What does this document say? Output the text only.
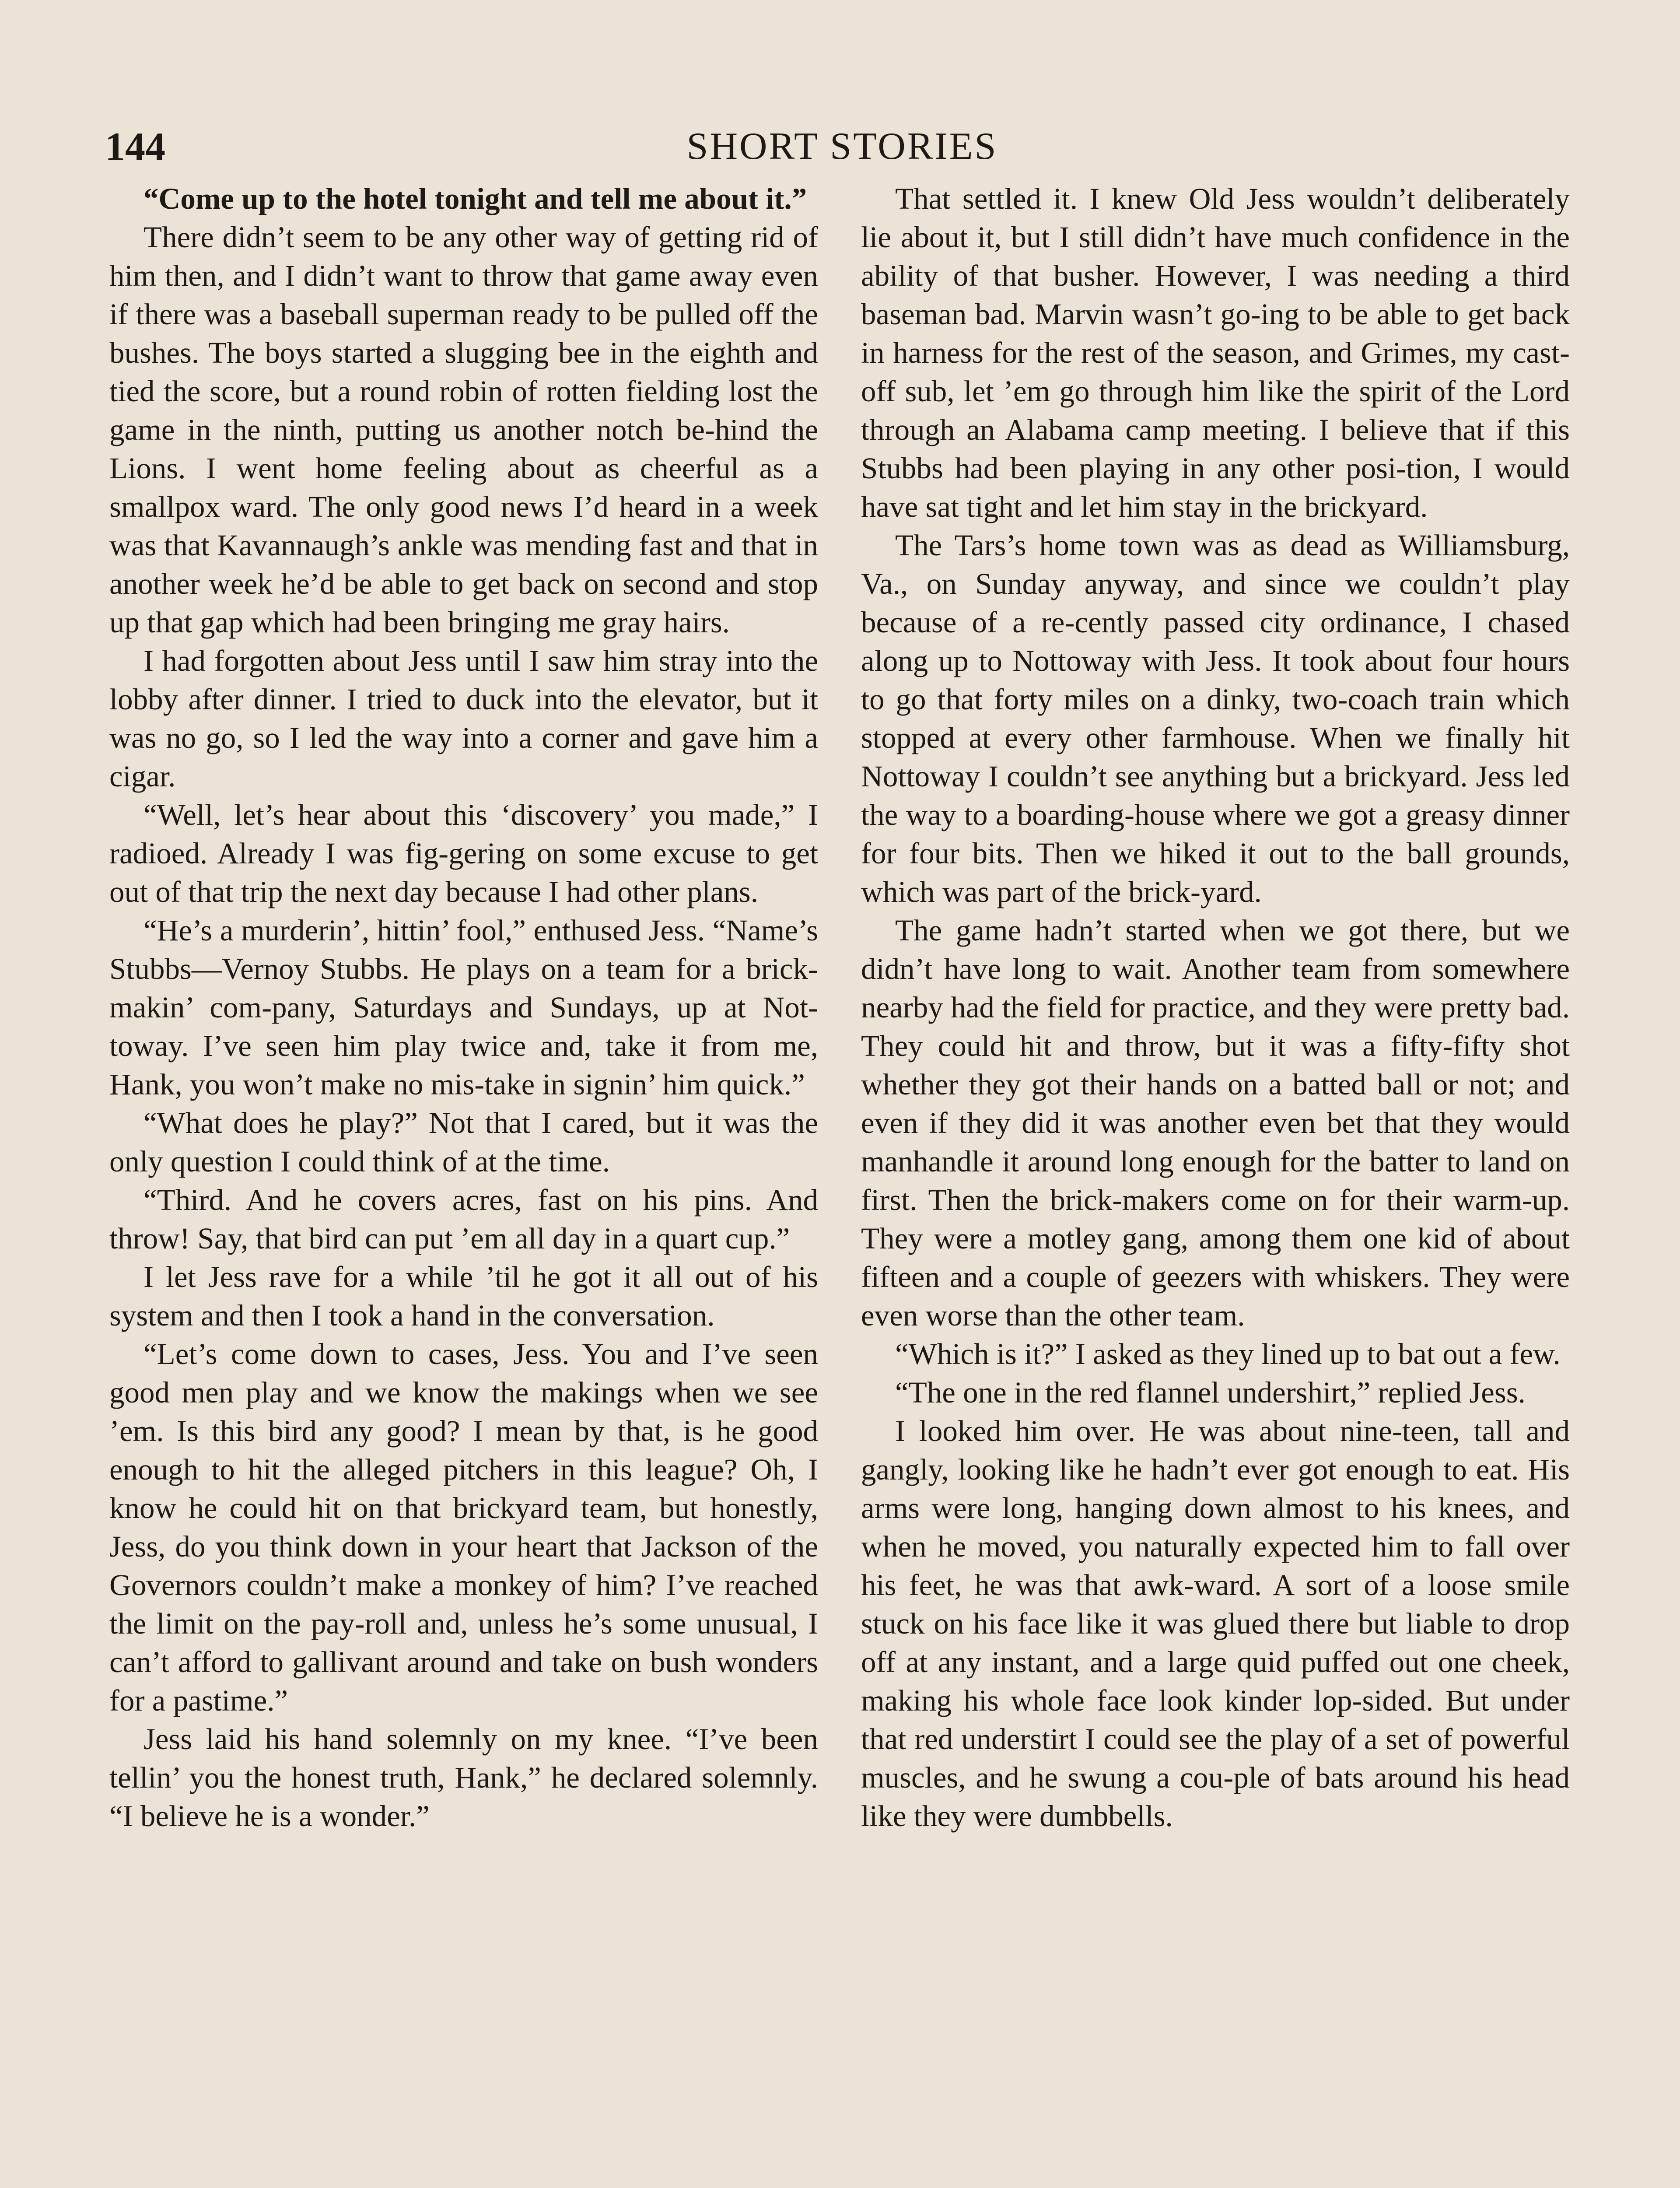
144	SHORT STORIES

“Come up to the hotel tonight and tell me about it.”

There didn’t seem to be any other way of getting rid of him then, and I didn’t want to throw that game away even if there was a baseball superman ready to be pulled off the bushes. The boys started a slugging bee in the eighth and tied the score, but a round robin of rotten fielding lost the game in the ninth, putting us another notch be-hind the Lions. I went home feeling about as cheerful as a smallpox ward. The only good news I’d heard in a week was that Kavannaugh’s ankle was mending fast and that in another week he’d be able to get back on second and stop up that gap which had been bringing me gray hairs.

I had forgotten about Jess until I saw him stray into the lobby after dinner. I tried to duck into the elevator, but it was no go, so I led the way into a corner and gave him a cigar.

“Well, let’s hear about this ‘discovery’ you made,” I radioed. Already I was fig-gering on some excuse to get out of that trip the next day because I had other plans.

“He’s a murderin’, hittin’ fool,” enthused Jess. “Name’s Stubbs—Vernoy Stubbs. He plays on a team for a brick-makin’ com-pany, Saturdays and Sundays, up at Not-toway. I’ve seen him play twice and, take it from me, Hank, you won’t make no mis-take in signin’ him quick.”

“What does he play?” Not that I cared, but it was the only question I could think of at the time.

“Third. And he covers acres, fast on his pins. And throw! Say, that bird can put ’em all day in a quart cup.”

I let Jess rave for a while ’til he got it all out of his system and then I took a hand in the conversation.

“Let’s come down to cases, Jess. You and I’ve seen good men play and we know the makings when we see ’em. Is this bird any good? I mean by that, is he good enough to hit the alleged pitchers in this league? Oh, I know he could hit on that brickyard team, but honestly, Jess, do you think down in your heart that Jackson of the Governors couldn’t make a monkey of him? I’ve reached the limit on the pay-roll and, unless he’s some unusual, I can’t afford to gallivant around and take on bush wonders for a pastime.”

Jess laid his hand solemnly on my knee. “I’ve been tellin’ you the honest truth, Hank,” he declared solemnly. “I believe he is a wonder.”

That settled it. I knew Old Jess wouldn’t deliberately lie about it, but I still didn’t have much confidence in the ability of that busher. However, I was needing a third baseman bad. Marvin wasn’t go-ing to be able to get back in harness for the rest of the season, and Grimes, my cast-off sub, let ’em go through him like the spirit of the Lord through an Alabama camp meeting. I believe that if this Stubbs had been playing in any other posi-tion, I would have sat tight and let him stay in the brickyard.

The Tars’s home town was as dead as Williamsburg, Va., on Sunday anyway, and since we couldn’t play because of a re-cently passed city ordinance, I chased along up to Nottoway with Jess. It took about four hours to go that forty miles on a dinky, two-coach train which stopped at every other farmhouse. When we finally hit Nottoway I couldn’t see anything but a brickyard. Jess led the way to a boarding-house where we got a greasy dinner for four bits. Then we hiked it out to the ball grounds, which was part of the brick-yard.

The game hadn’t started when we got there, but we didn’t have long to wait. Another team from somewhere nearby had the field for practice, and they were pretty bad. They could hit and throw, but it was a fifty-fifty shot whether they got their hands on a batted ball or not; and even if they did it was another even bet that they would manhandle it around long enough for the batter to land on first. Then the brick-makers come on for their warm-up. They were a motley gang, among them one kid of about fifteen and a couple of geezers with whiskers. They were even worse than the other team.

“Which is it?” I asked as they lined up to bat out a few.

“The one in the red flannel undershirt,” replied Jess.

I looked him over. He was about nine-teen, tall and gangly, looking like he hadn’t ever got enough to eat. His arms were long, hanging down almost to his knees, and when he moved, you naturally expected him to fall over his feet, he was that awk-ward. A sort of a loose smile stuck on his face like it was glued there but liable to drop off at any instant, and a large quid puffed out one cheek, making his whole face look kinder lop-sided. But under that red understirt I could see the play of a set of powerful muscles, and he swung a cou-ple of bats around his head like they were dumbbells.
